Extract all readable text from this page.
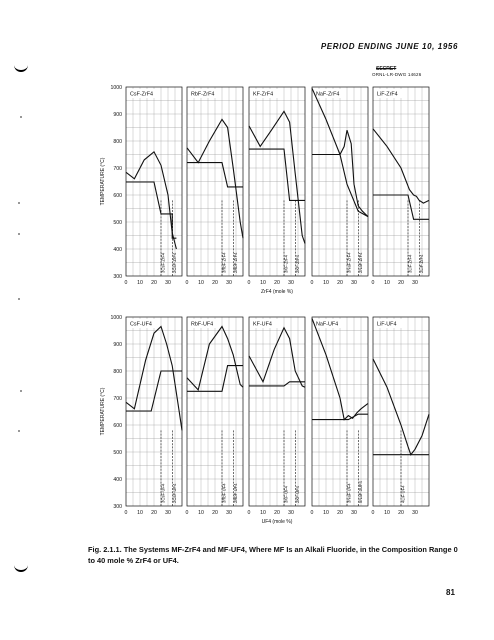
PERIOD ENDING JUNE 10, 1956
SECRET
ORNL-LR-DWG 14626
300
400
500
600
700
800
900
1000
TEMPERATURE (°C)
CsF-ZrF4
3CsF·ZrF4 2CsF·ZrF4
0 10 20 30
RbF-ZrF4
3RbF·ZrF4 2RbF·ZrF4
0 10 20 30
KF-ZrF4
3KF·ZrF4 2KF·ZrF4
0 10 20 30
NaF-ZrF4
3NaF·ZrF4 2NaF·ZrF4
0 10 20 30
LiF-ZrF4
3LiF·ZrF4 2LiF·ZrF4
0 10 20 30
ZrF4 (mole %)
300
400
500
600
700
800
900
1000
TEMPERATURE (°C)
CsF-UF4
3CsF·UF4 2CsF·UF4
0 10 20 30
RbF-UF4
3RbF·UF4 2RbF·UF4
0 10 20 30
KF-UF4
3KF·UF4 2KF·UF4
0 10 20 30
NaF-UF4
3NaF·UF4 5NaF·3UF4
0 10 20 30
LiF-UF4
4LiF·UF4
0 10 20 30
UF4 (mole %)
Fig. 2.1.1. The Systems MF-ZrF4 and MF-UF4, Where MF Is an Alkali Fluoride, in the Composition Range 0 to 40 mole % ZrF4 or UF4.
81
